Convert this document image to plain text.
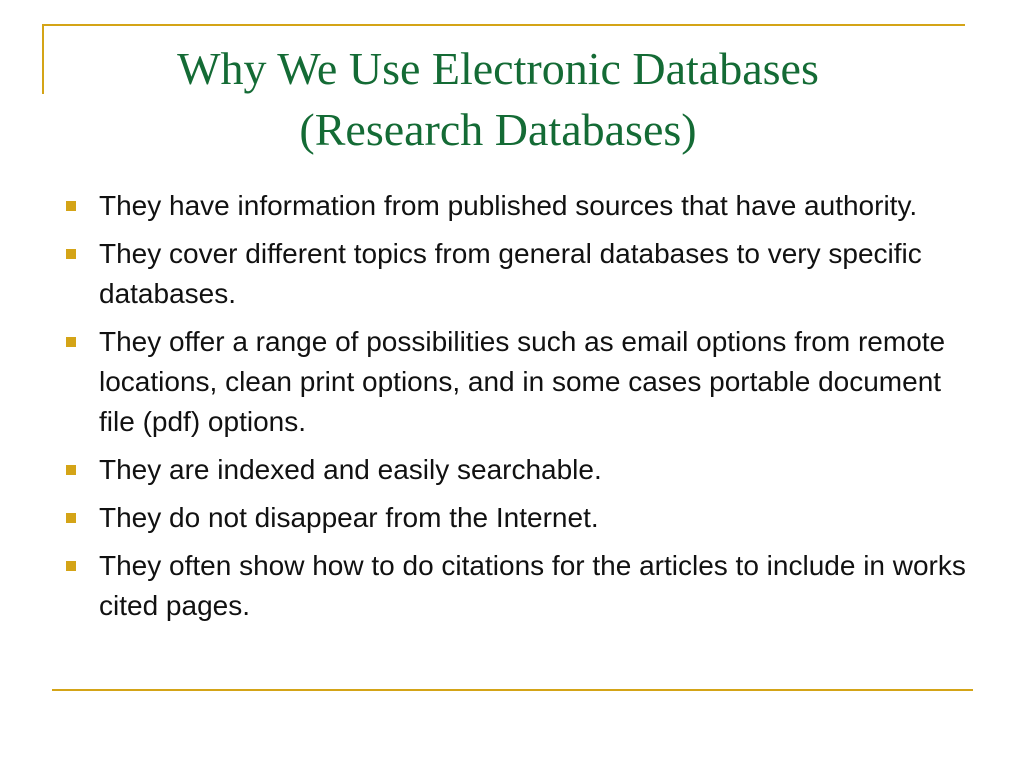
Why We Use Electronic Databases
(Research Databases)
They have information from published sources that have authority.
They cover different topics from general databases to very specific databases.
They offer a range of possibilities such as email options from remote locations, clean print options, and in some cases portable document file (pdf) options.
They are indexed and easily searchable.
They do not disappear from the Internet.
They often show how to do citations for the articles to include in works cited pages.
